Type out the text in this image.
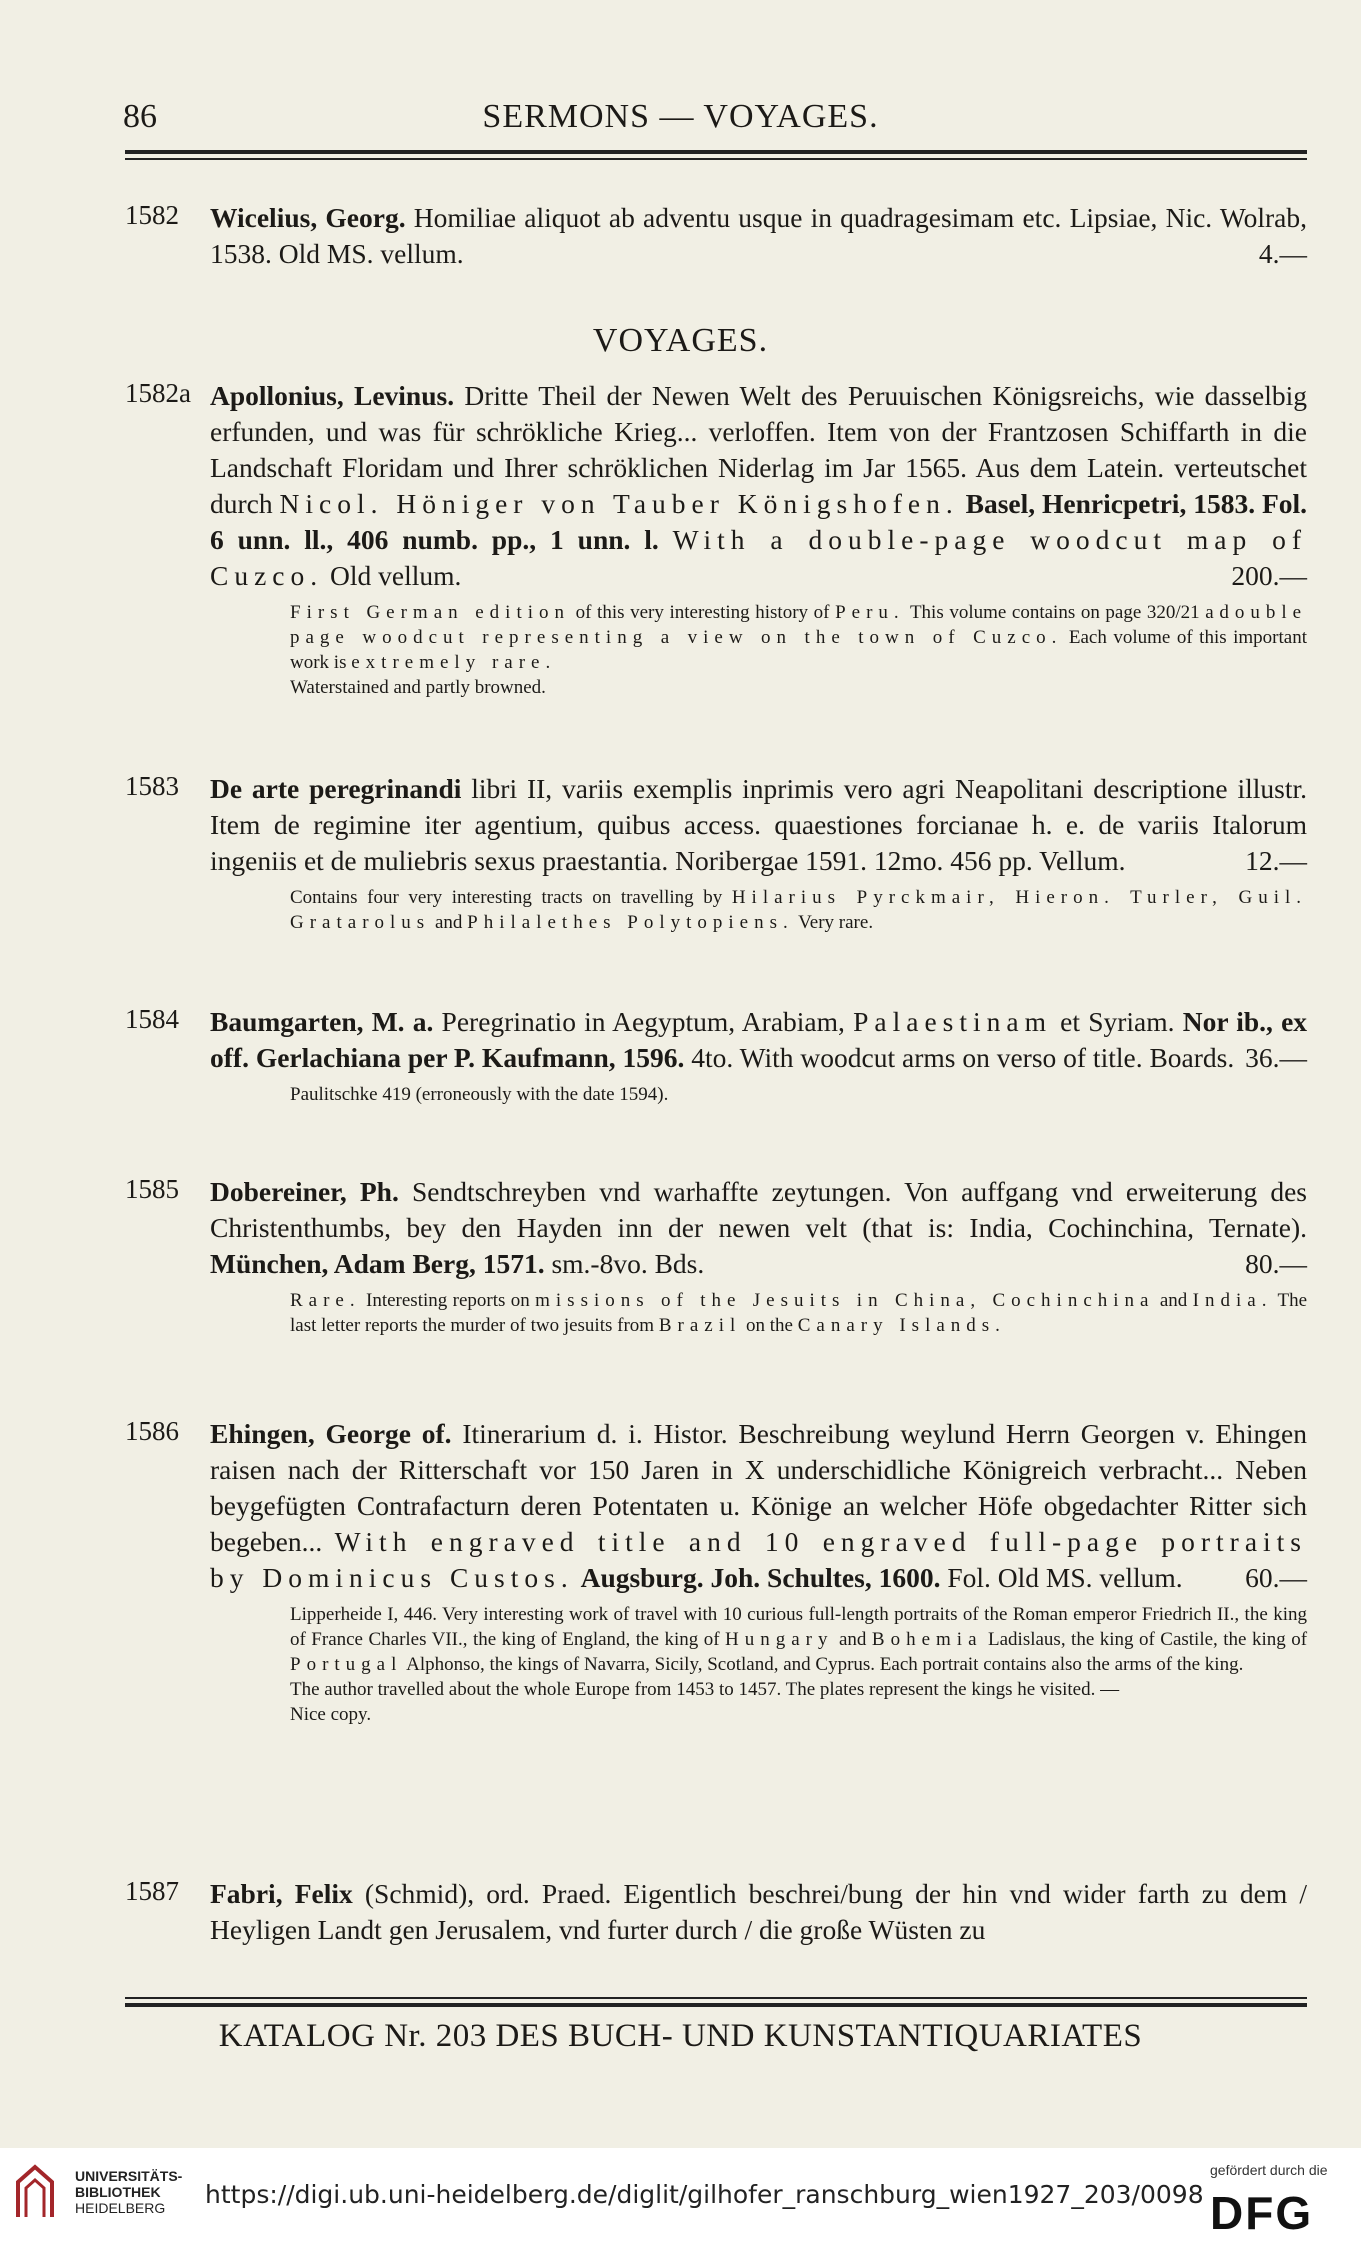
86	SERMONS — VOYAGES.
1582	Wicelius, Georg. Homiliae aliquot ab adventu usque in quadragesimam etc. Lipsiae, Nic. Wolrab, 1538. Old MS. vellum.	4.—
VOYAGES.
1582a Apollonius, Levinus. Dritte Theil der Newen Welt des Peruuischen Königsreichs, wie dasselbig erfunden, und was für schrökliche Krieg... verloffen. Item von der Frantzosen Schiffarth in die Landschaft Floridam und Ihrer schröklichen Niderlag im Jar 1565. Aus dem Latein. verteutschet durch Nicol. Höniger von Tauber Königshofen. Basel, Henricpetri, 1583. Fol. 6 unn. ll., 406 numb. pp., 1 unn. l. With a double-page woodcut map of Cuzco. Old vellum.	200.—
First German edition of this very interesting history of Peru. This volume contains on page 320/21 a double page woodcut representing a view on the town of Cuzco. Each volume of this important work is extremely rare.
Waterstained and partly browned.
1583	De arte peregrinandi libri II, variis exemplis inprimis vero agri Neapolitani descriptione illustr. Item de regimine iter agentium, quibus access. quaestiones forcianae h. e. de variis Italorum ingeniis et de muliebris sexus praestantia. Noribergae 1591. 12mo. 456 pp. Vellum.	12.—
Contains four very interesting tracts on travelling by Hilarius Pyrckmair, Hieron. Turler, Guil. Gratarolus and Philalethes Polytopiens. Very rare.
1584	Baumgarten, M. a. Peregrinatio in Aegyptum, Arabiam, Palaestinam et Syriam. Nor ib., ex off. Gerlachiana per P. Kaufmann, 1596. 4to. With woodcut arms on verso of title. Boards. 36.—
Paulitschke 419 (erroneously with the date 1594).
1585	Dobereiner, Ph. Sendtschreyben vnd warhaffte zeytungen. Von auffgang vnd erweiterung des Christenthumbs, bey den Hayden inn der newen velt (that is: India, Cochinchina, Ternate). München, Adam Berg, 1571. sm.-8vo. Bds.	80.—
Rare. Interesting reports on missions of the Jesuits in China, Cochinchina and India. The last letter reports the murder of two jesuits from Brazil on the Canary Islands.
1586	Ehingen, George of. Itinerarium d. i. Histor. Beschreibung weylund Herrn Georgen v. Ehingen raisen nach der Ritterschaft vor 150 Jaren in X underschidliche Königreich verbracht... Neben beygefügten Contrafacturn deren Potentaten u. Könige an welcher Höfe obgedachter Ritter sich begeben... With engraved title and 10 engraved full-page portraits by Dominicus Custos. Augsburg. Joh. Schultes, 1600. Fol. Old MS. vellum. 60.—
Lipperheide I, 446. Very interesting work of travel with 10 curious full-length portraits of the Roman emperor Friedrich II., the king of France Charles VII., the king of England, the king of Hungary and Bohemia Ladislaus, the king of Castile, the king of Portugal Alphonso, the kings of Navarra, Sicily, Scotland, and Cyprus. Each portrait contains also the arms of the king.
The author travelled about the whole Europe from 1453 to 1457. The plates represent the kings he visited. —
Nice copy.
1587	Fabri, Felix (Schmid), ord. Praed. Eigentlich beschrei/bung der hin vnd wider farth zu dem / Heyligen Landt gen Jerusalem, vnd furter durch / die große Wüsten zu
KATALOG Nr. 203 DES BUCH- UND KUNSTANTIQUARIATES
UNIVERSITÄTS-
BIBLIOTHEK
HEIDELBERG	https://digi.ub.uni-heidelberg.de/diglit/gilhofer_ranschburg_wien1927_203/0098
gefördert durch die
DFG
